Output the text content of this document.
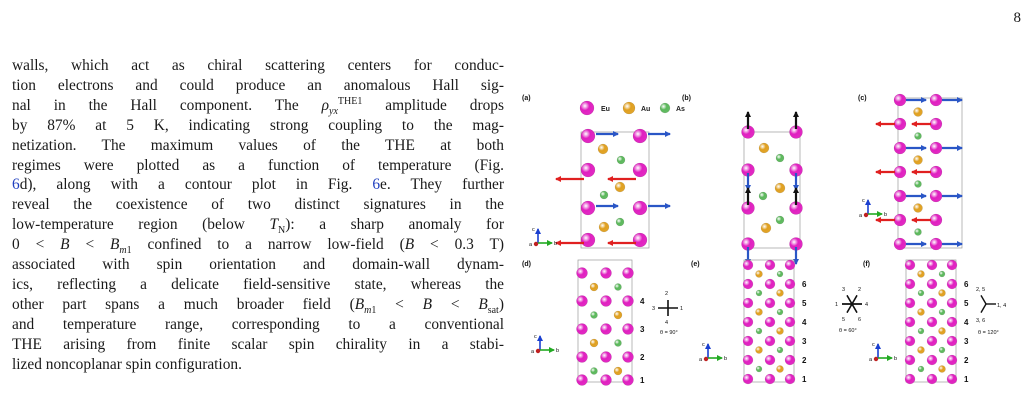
8
walls, which act as chiral scattering centers for conduc-
tion electrons and could produce an anomalous Hall sig-
nal in the Hall component. The $\rho_{yx}^{THE1}$ amplitude drops
by 87% at 5 K, indicating strong coupling to the mag-
netization. The maximum values of the THE at both
regimes were plotted as a function of temperature (Fig.
6d), along with a contour plot in Fig. 6e. They further
reveal the coexistence of two distinct signatures in the
low-temperature region (below $T_N$): a sharp anomaly for
$0 < B < B_{m1}$ confined to a narrow low-field (B < 0.3 T)
associated with spin orientation and domain-wall dynam-
ics, reflecting a delicate field-sensitive state, whereas the
other part spans a much broader field $(B_{m1} < B < B_{sat})$
and temperature range, corresponding to a conventional
THE arising from finite scalar spin chirality in a stabi-
lized noncoplanar spin configuration.
(a)
Eu	Au	As
c
b
a
(b)	(c)
c
b
a
(d)
1
2
3
4
2
1
3
4
θ = 90°
c
b
a
(e)
1
2
3
4
5
6
4
2
3
1
5 6
θ = 60°
c
b
a
(f)
1
2
3
4
5
6
1, 4
2, 5
3, 6
θ = 120°
c
b
a
